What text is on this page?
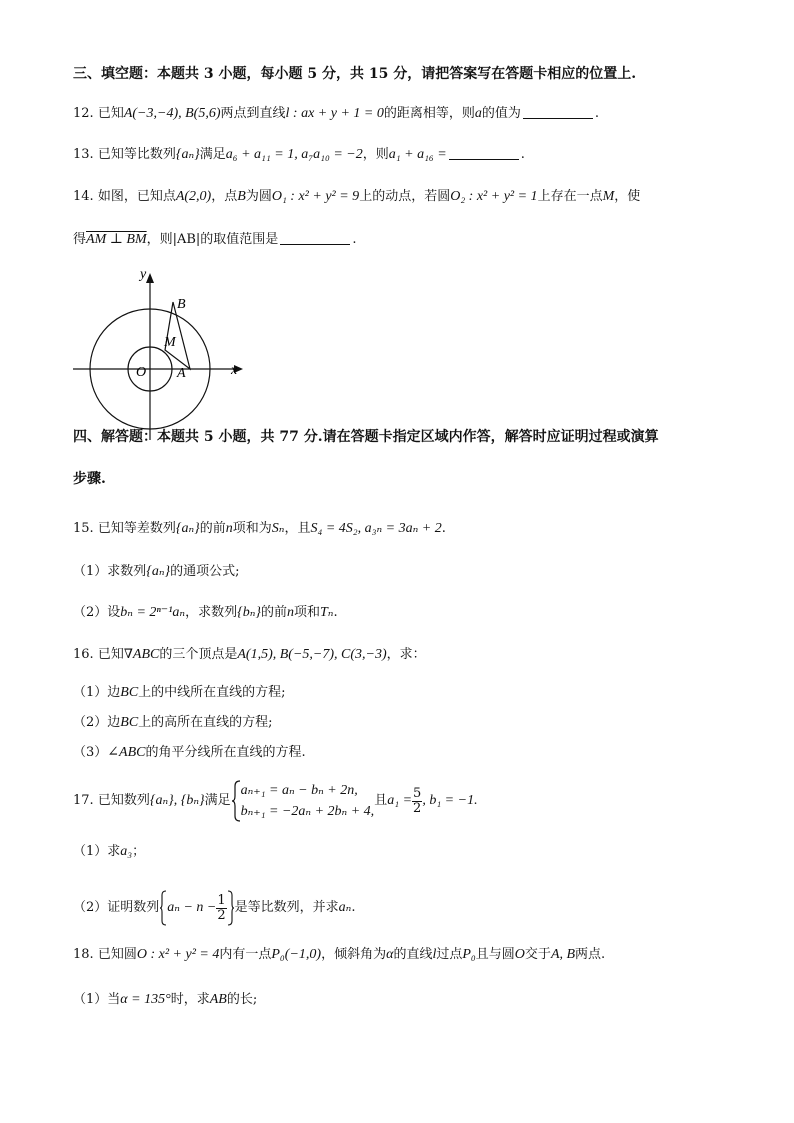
三、填空题：本题共 3 小题，每小题 5 分，共 15 分，请把答案写在答题卡相应的位置上.
12. 已知A(−3,−4), B(5,6)两点到直线l : ax + y + 1 = 0的距离相等，则a的值为	.
13. 已知等比数列{aₙ}满足a₆ + a₁₁ = 1, a₇a₁₀ = −2，则a₁ + a₁₆ =	.
14. 如图，已知点A(2,0)，点B为圆O₁ : x² + y² = 9上的动点，若圆O₂ : x² + y² = 1上存在一点M，使
得AM ⊥ BM，则|AB|的取值范围是	.
y
x
O A
B
M
四、解答题：本题共 5 小题，共 77 分.请在答题卡指定区域内作答，解答时应证明过程或演算
步骤.
15. 已知等差数列{aₙ}的前n项和为Sₙ，且S₄ = 4S₂, a₃ₙ = 3aₙ + 2.
（1）求数列{aₙ}的通项公式;
（2）设bₙ = 2ⁿ⁻¹aₙ，求数列{bₙ}的前n项和Tₙ.
16. 已知∇ABC的三个顶点是A(1,5), B(−5,−7), C(3,−3)，求：
（1）边BC上的中线所在直线的方程;
（2）边BC上的高所在直线的方程;
（3）∠ABC的角平分线所在直线的方程.
17. 已知数列{aₙ}, {bₙ}满足
aₙ₊₁ = aₙ − bₙ + 2n,
bₙ₊₁ = −2aₙ + 2bₙ + 4,
且$a_1 = \frac{5}{2}$ , b₁ = −1.
（1）求a₃；
（2）证明数列 $a_n - n - \frac{1}{2}$ 是等比数列，并求aₙ.
18. 已知圆O : x² + y² = 4内有一点P₀(−1,0)，倾斜角为α的直线l过点P₀且与圆O交于A, B两点.
（1）当α = 135°时，求AB的长;
